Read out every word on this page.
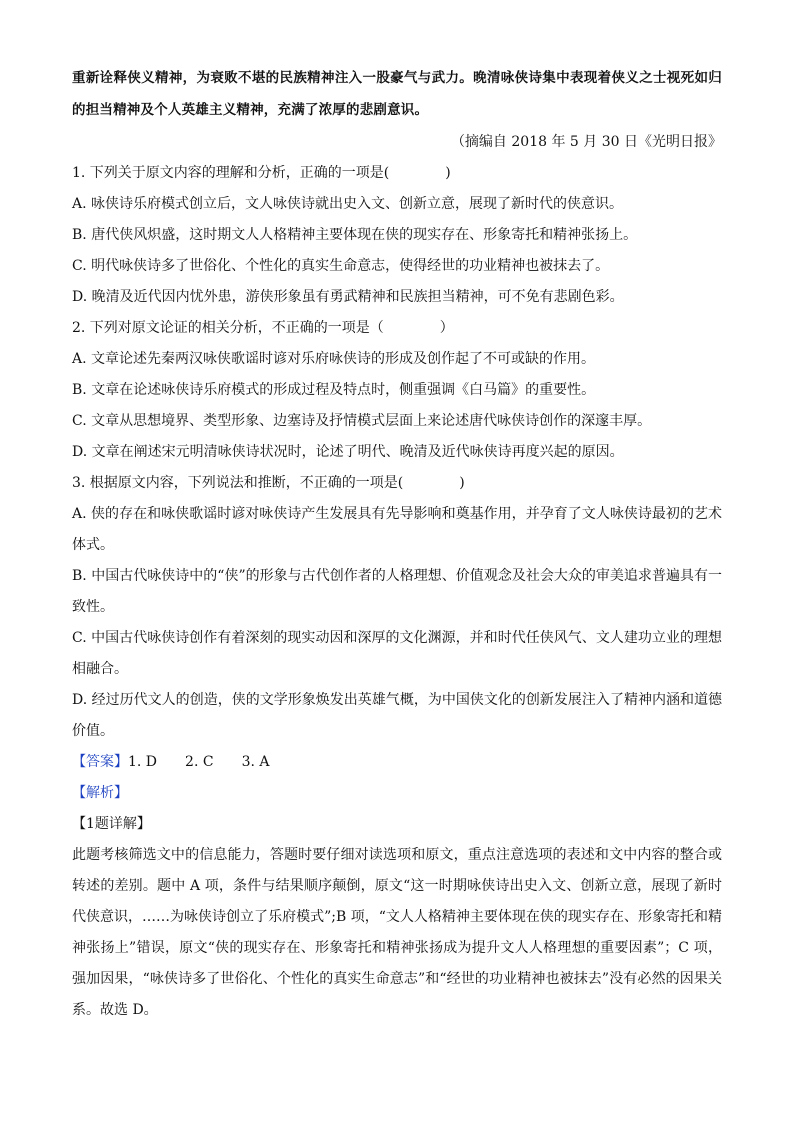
重新诠释侠义精神，为衰败不堪的民族精神注入一股豪气与武力。晚清咏侠诗集中表现着侠义之士视死如归的担当精神及个人英雄主义精神，充满了浓厚的悲剧意识。

（摘编自 2018 年 5 月 30 日《光明日报》

1. 下列关于原文内容的理解和分析，正确的一项是(　　　　)

A. 咏侠诗乐府模式创立后，文人咏侠诗就出史入文、创新立意，展现了新时代的侠意识。

B. 唐代侠风炽盛，这时期文人人格精神主要体现在侠的现实存在、形象寄托和精神张扬上。

C. 明代咏侠诗多了世俗化、个性化的真实生命意志，使得经世的功业精神也被抹去了。

D. 晚清及近代因内忧外患，游侠形象虽有勇武精神和民族担当精神，可不免有悲剧色彩。

2. 下列对原文论证的相关分析，不正确的一项是（　　　　）

A. 文章论述先秦两汉咏侠歌谣时谚对乐府咏侠诗的形成及创作起了不可或缺的作用。

B. 文章在论述咏侠诗乐府模式的形成过程及特点时，侧重强调《白马篇》的重要性。

C. 文章从思想境界、类型形象、边塞诗及抒情模式层面上来论述唐代咏侠诗创作的深邃丰厚。

D. 文章在阐述宋元明清咏侠诗状况时，论述了明代、晚清及近代咏侠诗再度兴起的原因。

3. 根据原文内容，下列说法和推断，不正确的一项是(　　　　)

A. 侠的存在和咏侠歌谣时谚对咏侠诗产生发展具有先导影响和奠基作用，并孕育了文人咏侠诗最初的艺术体式。

B. 中国古代咏侠诗中的“侠”的形象与古代创作者的人格理想、价值观念及社会大众的审美追求普遍具有一致性。

C. 中国古代咏侠诗创作有着深刻的现实动因和深厚的文化渊源，并和时代任侠风气、文人建功立业的理想相融合。

D. 经过历代文人的创造，侠的文学形象焕发出英雄气概，为中国侠文化的创新发展注入了精神内涵和道德价值。

【答案】1. D 2. C 3. A

【解析】

【1题详解】

此题考核筛选文中的信息能力，答题时要仔细对读选项和原文，重点注意选项的表述和文中内容的整合或转述的差别。题中 A 项，条件与结果顺序颠倒，原文“这一时期咏侠诗出史入文、创新立意，展现了新时代侠意识，……为咏侠诗创立了乐府模式”;B 项，“文人人格精神主要体现在侠的现实存在、形象寄托和精神张扬上”错误，原文“侠的现实存在、形象寄托和精神张扬成为提升文人人格理想的重要因素”；C 项，强加因果，“咏侠诗多了世俗化、个性化的真实生命意志”和“经世的功业精神也被抹去”没有必然的因果关系。故选 D。
